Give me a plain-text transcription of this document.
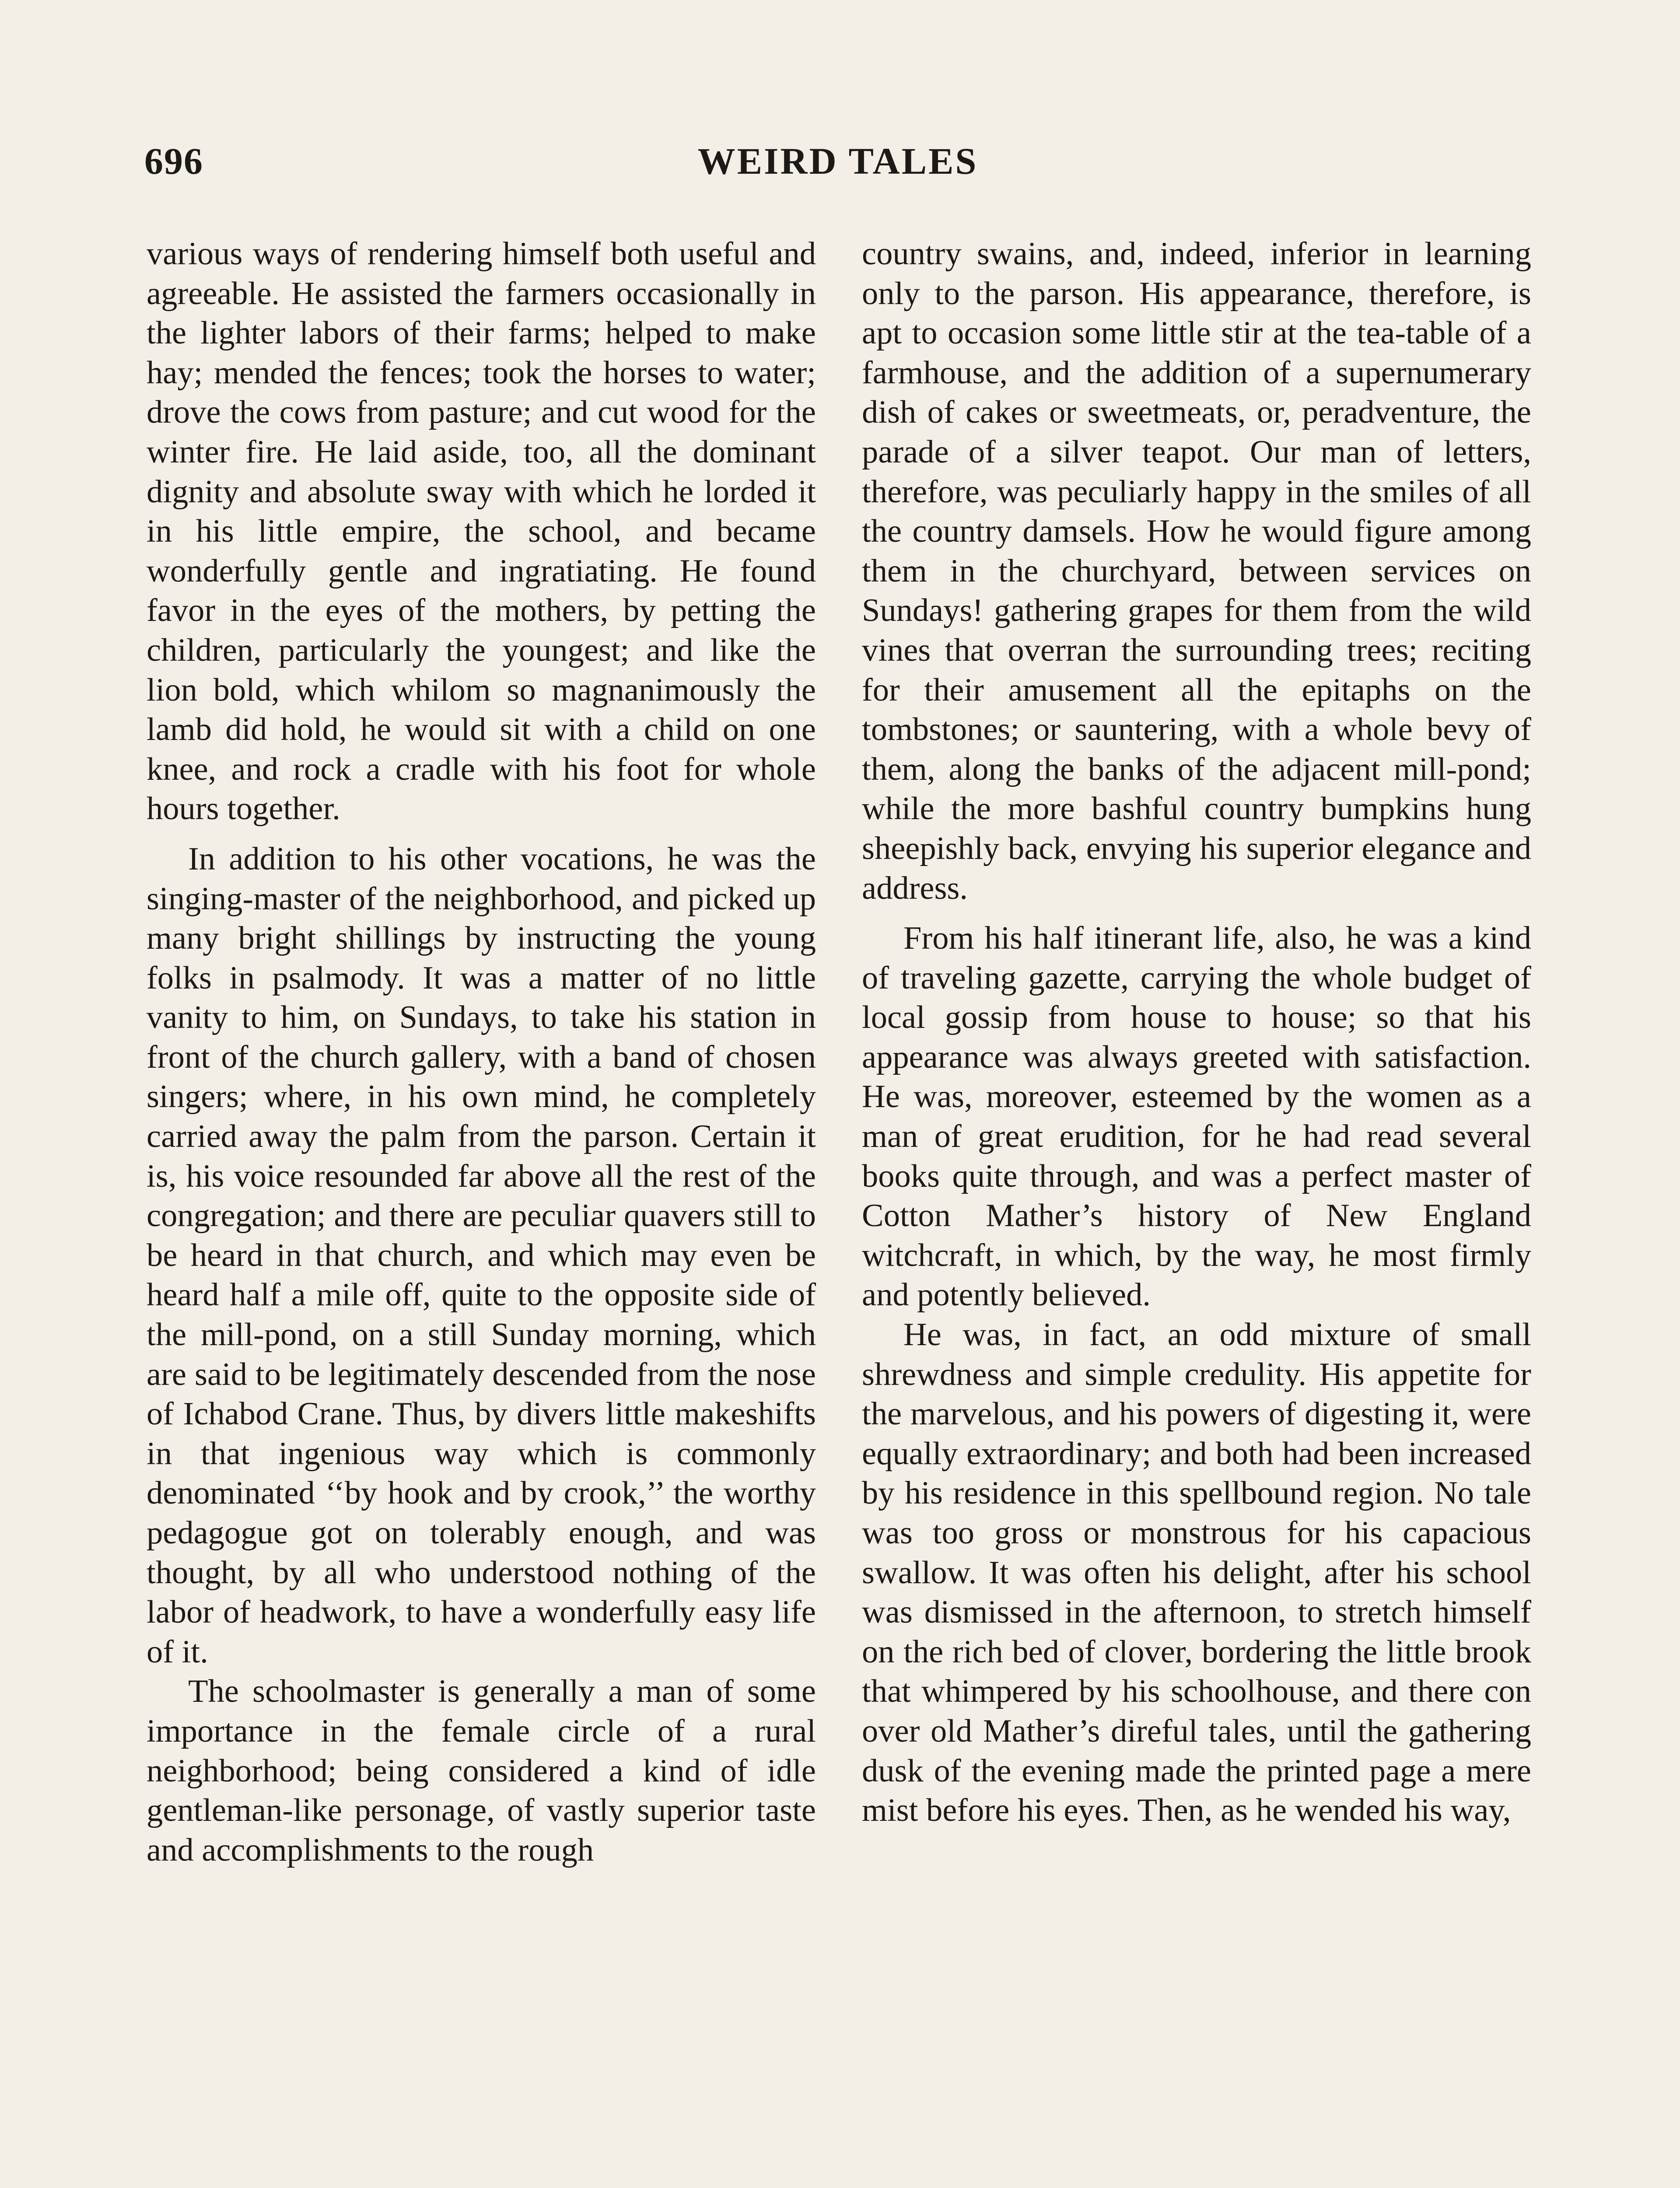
696	WEIRD TALES

various ways of rendering himself both useful and agreeable. He assisted the farmers occasionally in the lighter labors of their farms; helped to make hay; mended the fences; took the horses to water; drove the cows from pasture; and cut wood for the winter fire. He laid aside, too, all the dominant dignity and absolute sway with which he lorded it in his little empire, the school, and became wonderfully gentle and ingratiating. He found favor in the eyes of the mothers, by petting the children, particularly the youngest; and like the lion bold, which whilom so magnanimously the lamb did hold, he would sit with a child on one knee, and rock a cradle with his foot for whole hours together.

In addition to his other vocations, he was the singing-master of the neighborhood, and picked up many bright shillings by instructing the young folks in psalmody. It was a matter of no little vanity to him, on Sundays, to take his station in front of the church gallery, with a band of chosen singers; where, in his own mind, he completely carried away the palm from the parson. Certain it is, his voice resounded far above all the rest of the congregation; and there are peculiar quavers still to be heard in that church, and which may even be heard half a mile off, quite to the opposite side of the mill-pond, on a still Sunday morning, which are said to be legitimately descended from the nose of Ichabod Crane. Thus, by divers little makeshifts in that ingenious way which is commonly denominated ‘‘by hook and by crook,’’ the worthy pedagogue got on tolerably enough, and was thought, by all who understood nothing of the labor of headwork, to have a wonderfully easy life of it.

The schoolmaster is generally a man of some importance in the female circle of a rural neighborhood; being considered a kind of idle gentleman-like personage, of vastly superior taste and accomplishments to the rough

country swains, and, indeed, inferior in learning only to the parson. His appearance, therefore, is apt to occasion some little stir at the tea-table of a farmhouse, and the addition of a supernumerary dish of cakes or sweetmeats, or, peradventure, the parade of a silver teapot. Our man of letters, therefore, was peculiarly happy in the smiles of all the country damsels. How he would figure among them in the churchyard, between services on Sundays! gathering grapes for them from the wild vines that overran the surrounding trees; reciting for their amusement all the epitaphs on the tombstones; or sauntering, with a whole bevy of them, along the banks of the adjacent mill-pond; while the more bashful country bumpkins hung sheepishly back, envying his superior elegance and address.

From his half itinerant life, also, he was a kind of traveling gazette, carrying the whole budget of local gossip from house to house; so that his appearance was always greeted with satisfaction. He was, moreover, esteemed by the women as a man of great erudition, for he had read several books quite through, and was a perfect master of Cotton Mather’s history of New England witchcraft, in which, by the way, he most firmly and potently believed.

He was, in fact, an odd mixture of small shrewdness and simple credulity. His appetite for the marvelous, and his powers of digesting it, were equally extraordinary; and both had been increased by his residence in this spellbound region. No tale was too gross or monstrous for his capacious swallow. It was often his delight, after his school was dismissed in the afternoon, to stretch himself on the rich bed of clover, bordering the little brook that whimpered by his schoolhouse, and there con over old Mather’s direful tales, until the gathering dusk of the evening made the printed page a mere mist before his eyes. Then, as he wended his way,
